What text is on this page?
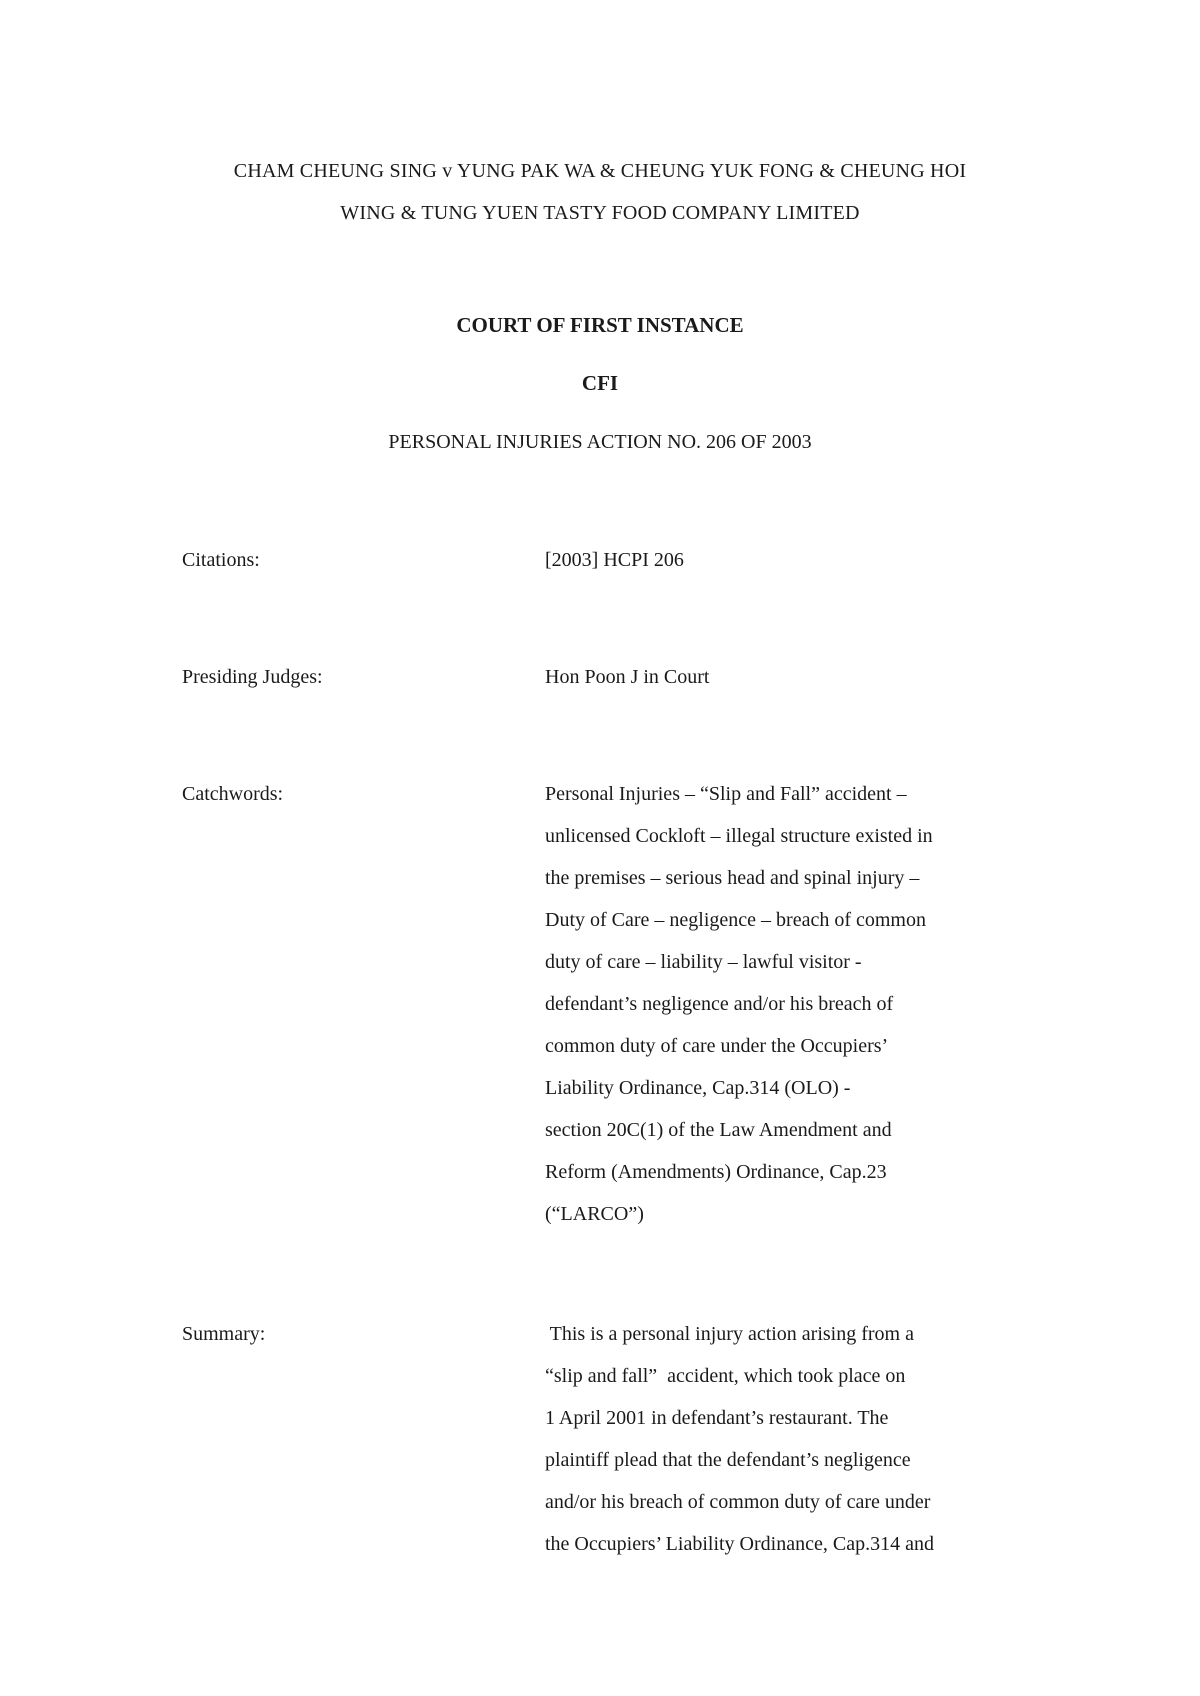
CHAM CHEUNG SING v YUNG PAK WA & CHEUNG YUK FONG & CHEUNG HOI
WING & TUNG YUEN TASTY FOOD COMPANY LIMITED
COURT OF FIRST INSTANCE
CFI
PERSONAL INJURIES ACTION NO. 206 OF 2003
Citations:	[2003] HCPI 206
Presiding Judges:	Hon Poon J in Court
Catchwords:	Personal Injuries – “Slip and Fall” accident –
unlicensed Cockloft – illegal structure existed in
the premises – serious head and spinal injury –
Duty of Care – negligence – breach of common
duty of care – liability – lawful visitor -
defendant’s negligence and/or his breach of
common duty of care under the Occupiers’
Liability Ordinance, Cap.314 (OLO) -
section 20C(1) of the Law Amendment and
Reform (Amendments) Ordinance, Cap.23
(“LARCO”)
Summary:	This is a personal injury action arising from a
“slip and fall”  accident, which took place on
1 April 2001 in defendant’s restaurant. The
plaintiff plead that the defendant’s negligence
and/or his breach of common duty of care under
the Occupiers’ Liability Ordinance, Cap.314 and
